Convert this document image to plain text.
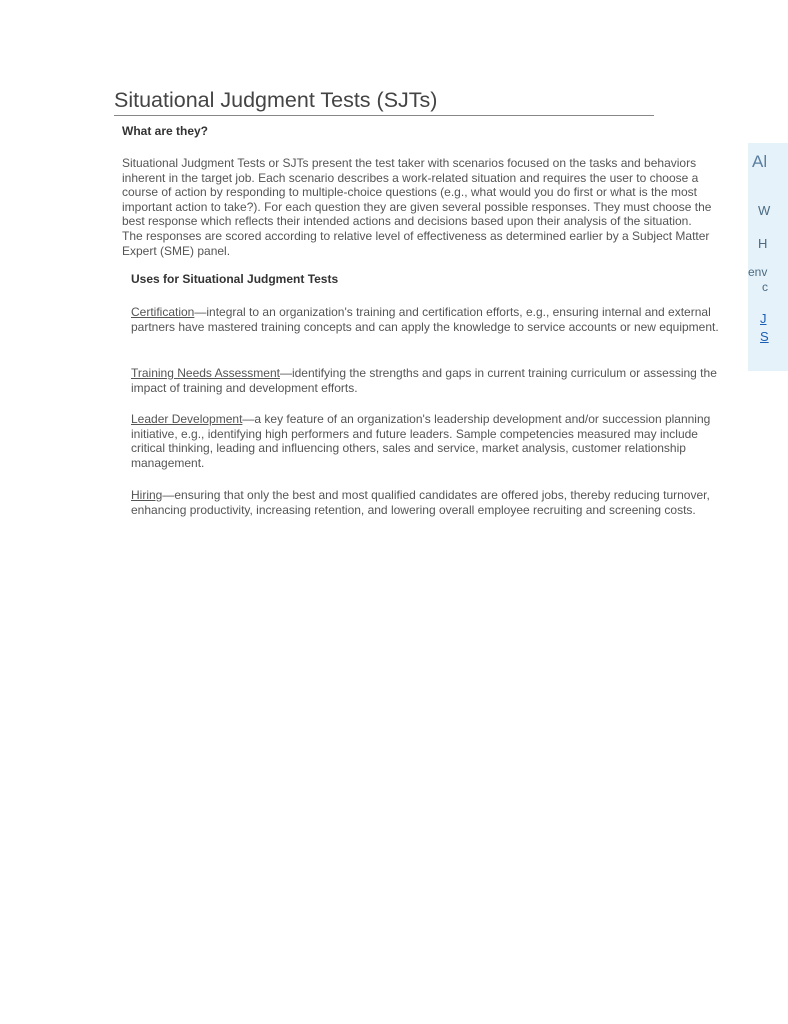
Situational Judgment Tests (SJTs)
What are they?

Situational Judgment Tests or SJTs present the test taker with scenarios focused on the tasks and behaviors inherent in the target job. Each scenario describes a work-related situation and requires the user to choose a course of action by responding to multiple-choice questions (e.g., what would you do first or what is the most important action to take?). For each question they are given several possible responses. They must choose the best response which reflects their intended actions and decisions based upon their analysis of the situation. The responses are scored according to relative level of effectiveness as determined earlier by a Subject Matter Expert (SME) panel.

Uses for Situational Judgment Tests

Certification—integral to an organization's training and certification efforts, e.g., ensuring internal and external partners have mastered training concepts and can apply the knowledge to service accounts or new equipment.

Training Needs Assessment—identifying the strengths and gaps in current training curriculum or assessing the impact of training and development efforts.

Leader Development—a key feature of an organization's leadership development and/or succession planning initiative, e.g., identifying high performers and future leaders. Sample competencies measured may include critical thinking, leading and influencing others, sales and service, market analysis, customer relationship management.

Hiring—ensuring that only the best and most qualified candidates are offered jobs, thereby reducing turnover, enhancing productivity, increasing retention, and lowering overall employee recruiting and screening costs.

Al
W
H
env
c
J
S
